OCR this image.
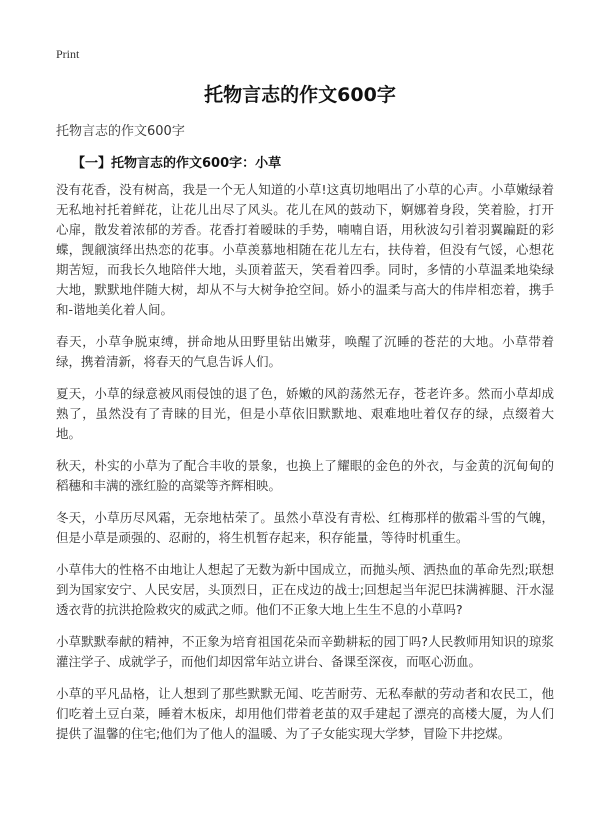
Print
托物言志的作文600字
托物言志的作文600字
【一】托物言志的作文600字：小草

没有花香，没有树高，我是一个无人知道的小草!这真切地唱出了小草的心声。小草嫩绿着无私地衬托着鲜花，让花儿出尽了风头。花儿在风的鼓动下，婀娜着身段，笑着脸，打开心扉，散发着浓郁的芳香。花香打着暧昧的手势，喃喃自语，用秋波勾引着羽翼蹁跹的彩蝶，觊觎演绎出热恋的花事。小草羡慕地相随在花儿左右，扶侍着，但没有气馁，心想花期苦短，而我长久地陪伴大地，头顶着蓝天，笑看着四季。同时，多情的小草温柔地染绿大地，默默地伴随大树，却从不与大树争抢空间。娇小的温柔与高大的伟岸相恋着，携手和-谐地美化着人间。

春天，小草争脱束缚，拼命地从田野里钻出嫩芽，唤醒了沉睡的苍茫的大地。小草带着绿，携着清新，将春天的气息告诉人们。

夏天，小草的绿意被风雨侵蚀的退了色，娇嫩的风韵荡然无存，苍老许多。然而小草却成熟了，虽然没有了青睐的目光，但是小草依旧默默地、艰难地吐着仅存的绿，点缀着大地。

秋天，朴实的小草为了配合丰收的景象，也换上了耀眼的金色的外衣，与金黄的沉甸甸的稻穗和丰满的涨红脸的高粱等齐辉相映。

冬天，小草历尽风霜，无奈地枯荣了。虽然小草没有青松、红梅那样的傲霜斗雪的气魄，但是小草是顽强的、忍耐的，将生机暂存起来，积存能量，等待时机重生。

小草伟大的性格不由地让人想起了无数为新中国成立，而抛头颅、洒热血的革命先烈;联想到为国家安宁、人民安居，头顶烈日，正在戍边的战士;回想起当年泥巴抹满裤腿、汗水湿透衣背的抗洪抢险救灾的威武之师。他们不正象大地上生生不息的小草吗?

小草默默奉献的精神，不正象为培育祖国花朵而辛勤耕耘的园丁吗?人民教师用知识的琼浆灌注学子、成就学子，而他们却因常年站立讲台、备课至深夜，而呕心沥血。

小草的平凡品格，让人想到了那些默默无闻、吃苦耐劳、无私奉献的劳动者和农民工，他们吃着土豆白菜，睡着木板床，却用他们带着老茧的双手建起了漂亮的高楼大厦，为人们提供了温馨的住宅;他们为了他人的温暖、为了子女能实现大学梦，冒险下井挖煤。
